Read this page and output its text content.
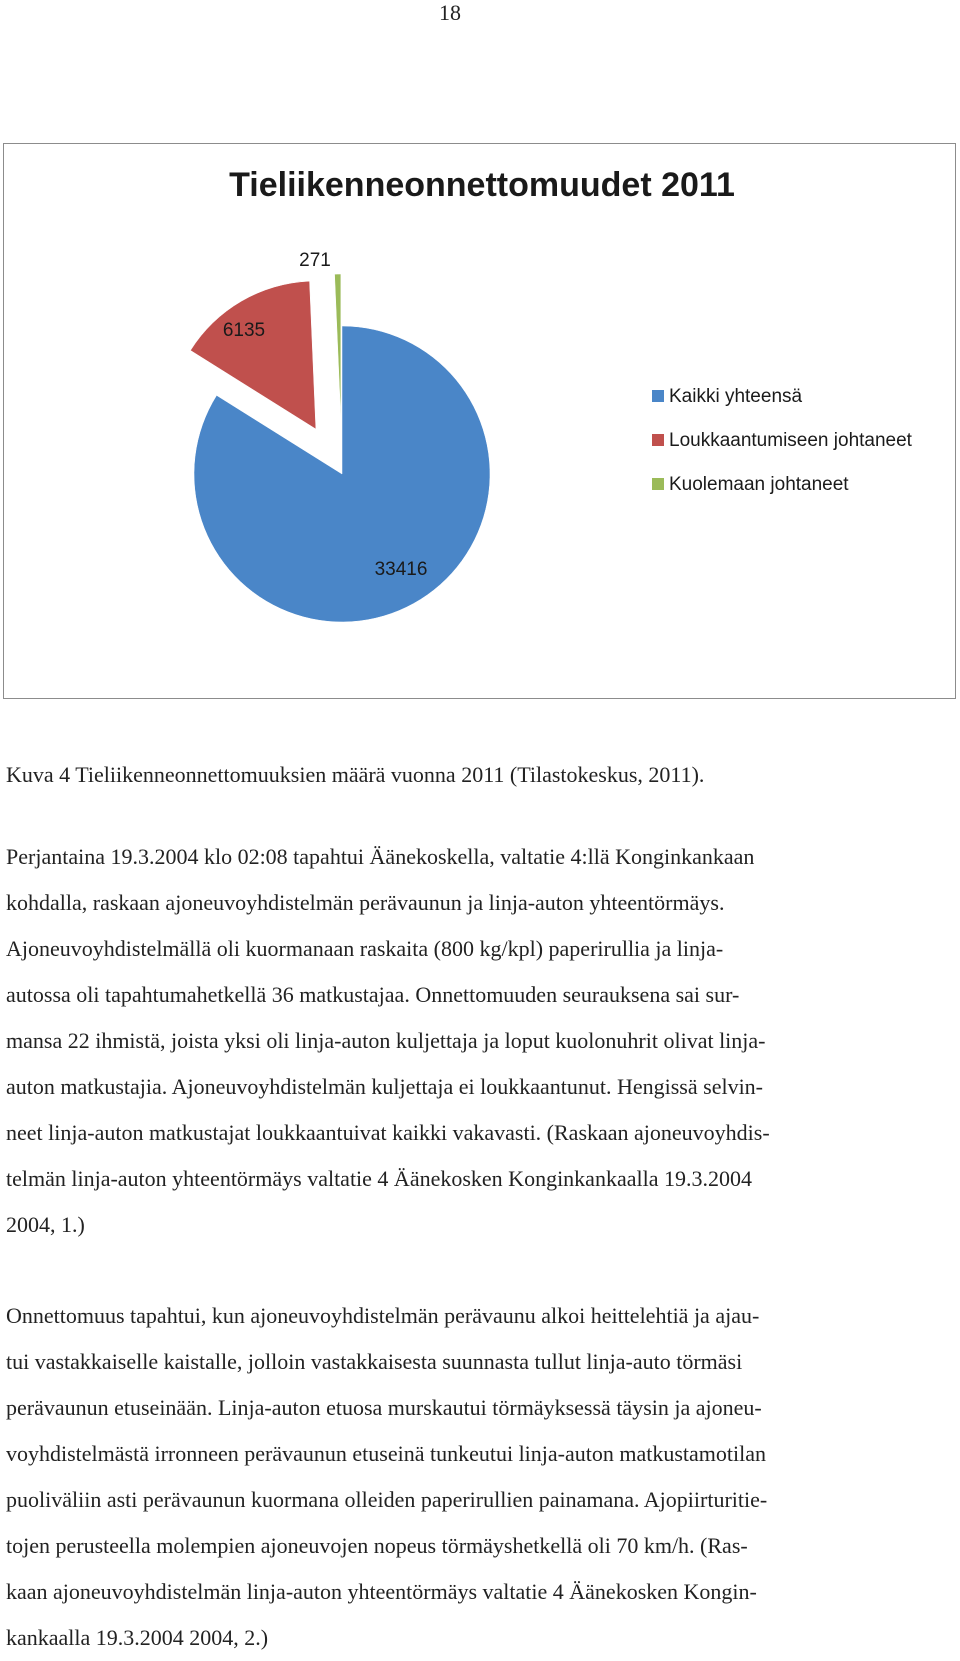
18
Tieliikenneonnettomuudet 2011
33416
6135
271
Kaikki yhteensä
Loukkaantumiseen johtaneet
Kuolemaan johtaneet
Kuva 4 Tieliikenneonnettomuuksien määrä vuonna 2011 (Tilastokeskus, 2011).
Perjantaina 19.3.2004 klo 02:08 tapahtui Äänekoskella, valtatie 4:llä Konginkankaan
kohdalla, raskaan ajoneuvoyhdistelmän perävaunun ja linja-auton yhteentörmäys.
Ajoneuvoyhdistelmällä oli kuormanaan raskaita (800 kg/kpl) paperirullia ja linja-
autossa oli tapahtumahetkellä 36 matkustajaa. Onnettomuuden seurauksena sai sur-
mansa 22 ihmistä, joista yksi oli linja-auton kuljettaja ja loput kuolonuhrit olivat linja-
auton matkustajia. Ajoneuvoyhdistelmän kuljettaja ei loukkaantunut. Hengissä selvin-
neet linja-auton matkustajat loukkaantuivat kaikki vakavasti. (Raskaan ajoneuvoyhdis-
telmän linja-auton yhteentörmäys valtatie 4 Äänekosken Konginkankaalla 19.3.2004
2004, 1.)
Onnettomuus tapahtui, kun ajoneuvoyhdistelmän perävaunu alkoi heittelehtiä ja ajau-
tui vastakkaiselle kaistalle, jolloin vastakkaisesta suunnasta tullut linja-auto törmäsi
perävaunun etuseinään. Linja-auton etuosa murskautui törmäyksessä täysin ja ajoneu-
voyhdistelmästä irronneen perävaunun etuseinä tunkeutui linja-auton matkustamotilan
puoliväliin asti perävaunun kuormana olleiden paperirullien painamana. Ajopiirturitie-
tojen perusteella molempien ajoneuvojen nopeus törmäyshetkellä oli 70 km/h. (Ras-
kaan ajoneuvoyhdistelmän linja-auton yhteentörmäys valtatie 4 Äänekosken Kongin-
kankaalla 19.3.2004 2004, 2.)
